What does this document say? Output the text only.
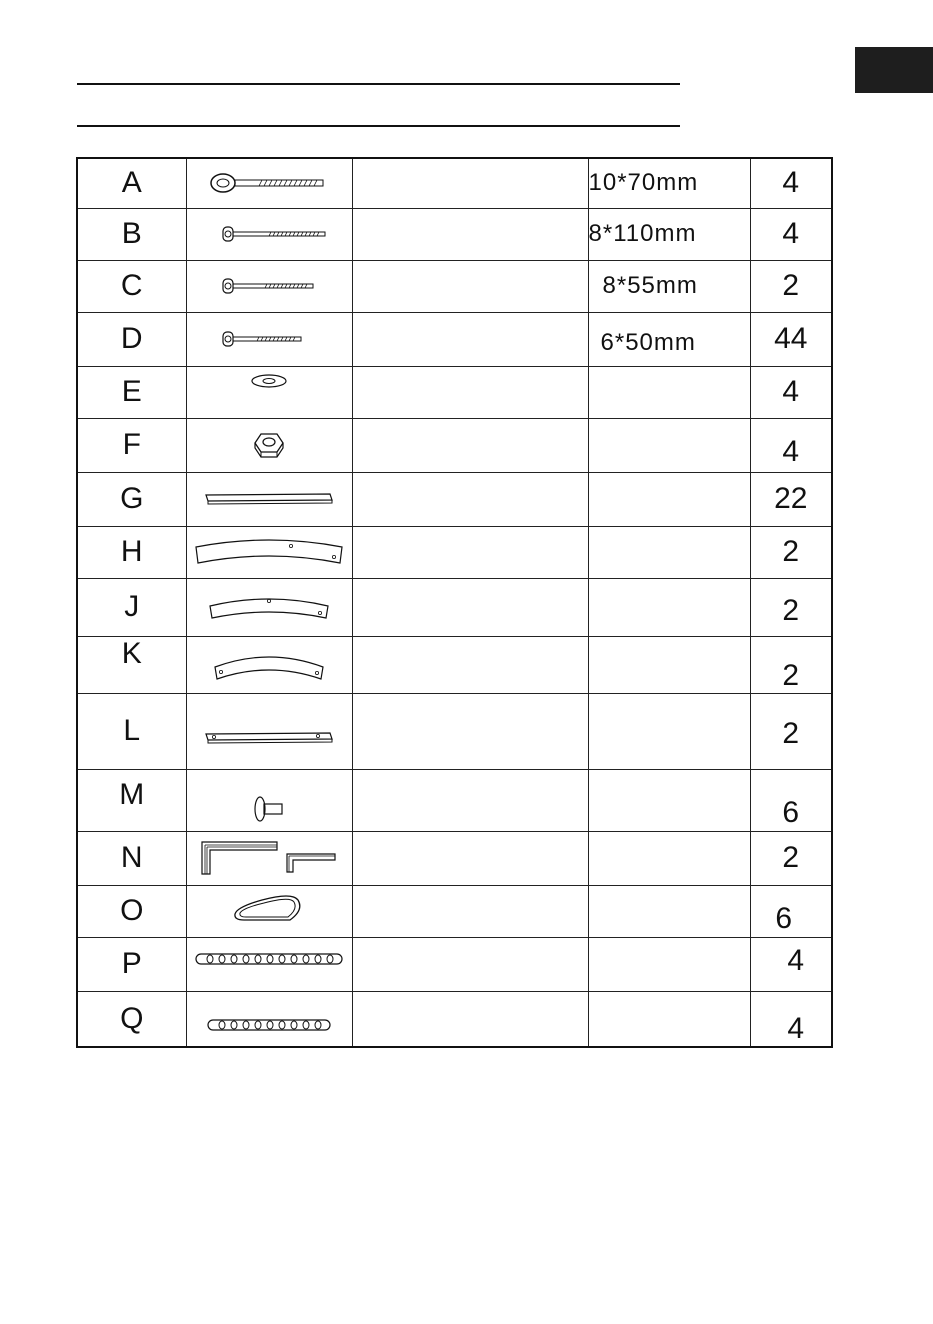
A			10*70mm	4
B			8*110mm	4
C			8*55mm	2
D			6*50mm	44
E				4
F				4
G				22
H				2
J				2
K				2
L				2
M				6
N				2
O				6
P				4
Q				4
